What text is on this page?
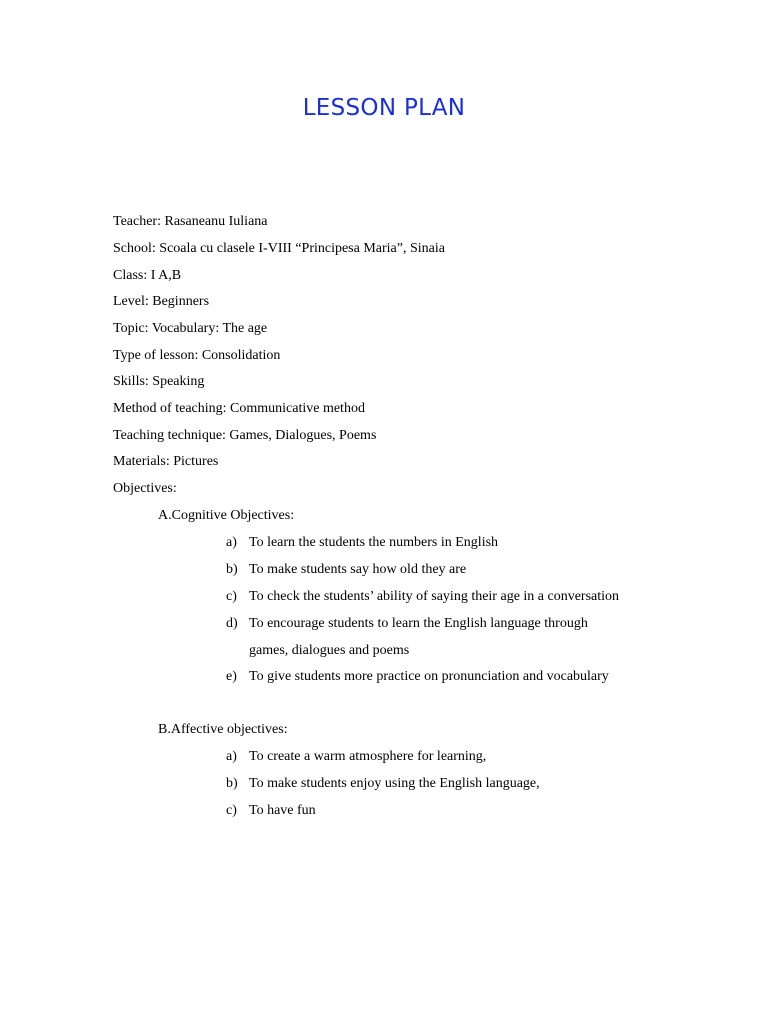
LESSON PLAN
Teacher: Rasaneanu Iuliana
School: Scoala cu clasele I-VIII “Principesa Maria”, Sinaia
Class: I A,B
Level: Beginners
Topic: Vocabulary: The age
Type of lesson: Consolidation
Skills: Speaking
Method of teaching: Communicative method
Teaching technique: Games, Dialogues, Poems
Materials: Pictures
Objectives:
A.Cognitive Objectives:
a) To learn the students the numbers in English
b) To make students say how old they are
c) To check the students’ ability of saying their age in a conversation
d) To encourage students to learn the English language through
games, dialogues and poems
e) To give students more practice on pronunciation and vocabulary
B.Affective objectives:
a) To create a warm atmosphere for learning,
b) To make students enjoy using the English language,
c) To have fun
